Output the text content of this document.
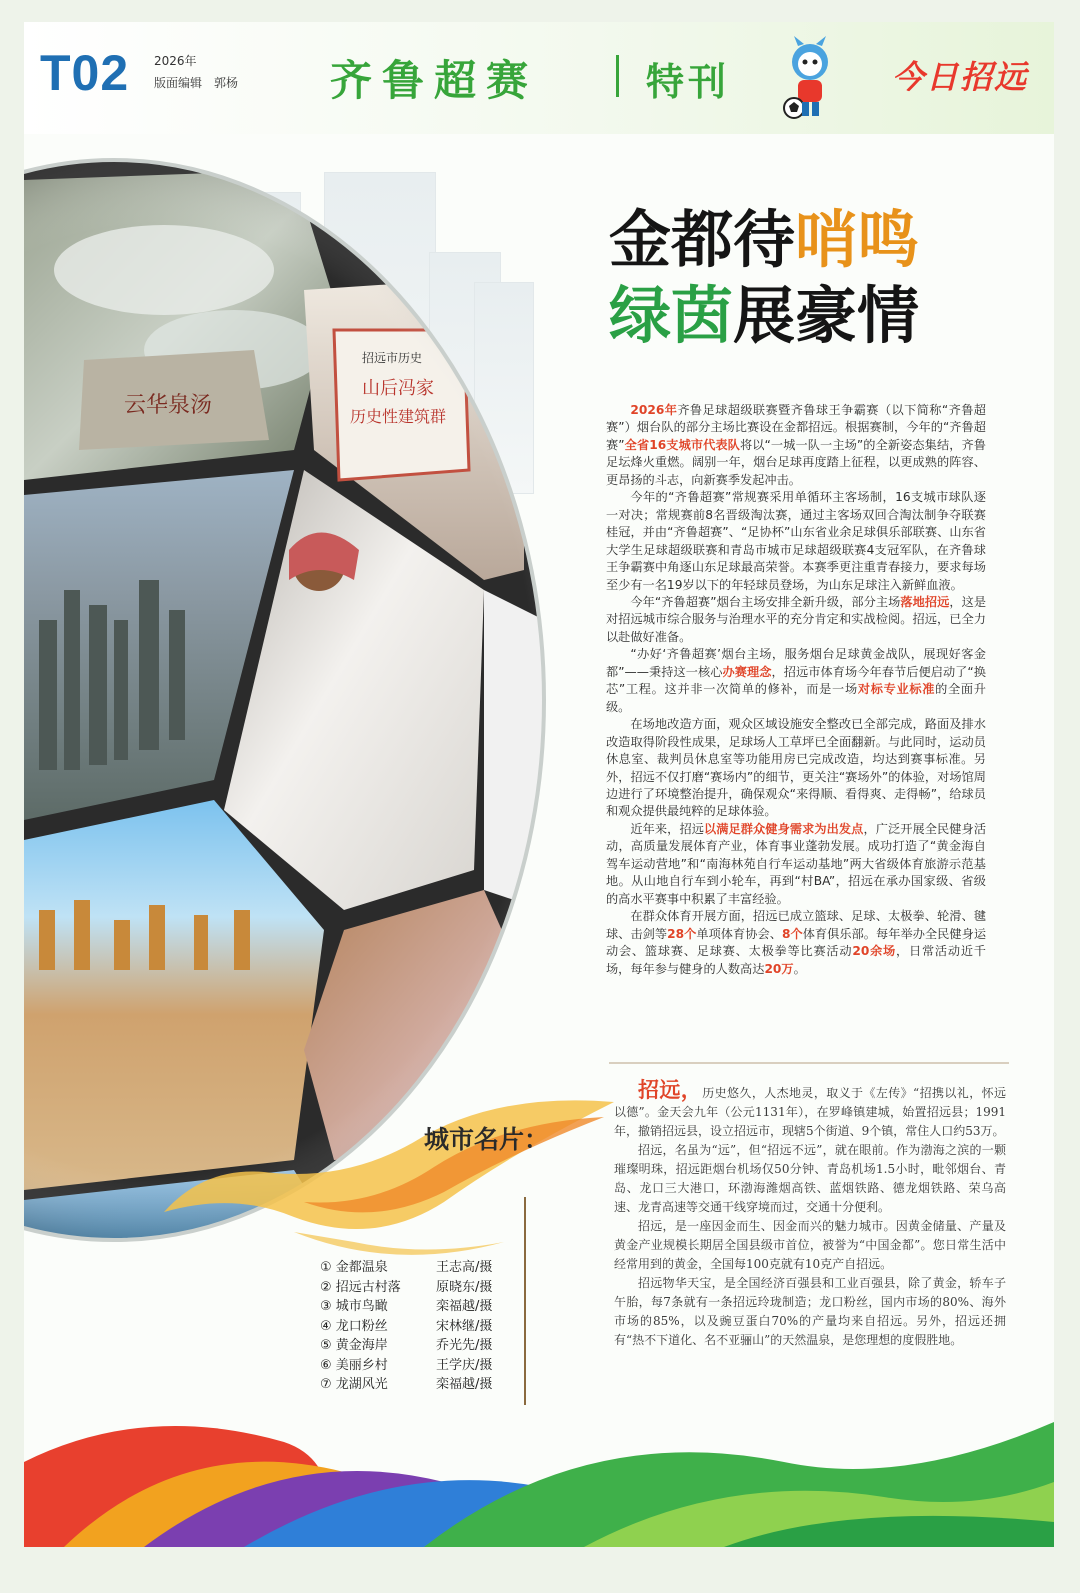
T02 2026年
版面编辑　郭杨 齐鲁超赛	特刊	今日招远
金都待哨鸣
绿茵展豪情

2026年齐鲁足球超级联赛暨齐鲁球王争霸赛（以下简称“齐鲁超赛”）烟台队的部分主场比赛设在金都招远。根据赛制，今年的“齐鲁超赛”全省16支城市代表队将以“一城一队一主场”的全新姿态集结，齐鲁足坛烽火重燃。阔别一年，烟台足球再度踏上征程，以更成熟的阵容、更昂扬的斗志，向新赛季发起冲击。

今年的“齐鲁超赛”常规赛采用单循环主客场制，16支城市球队逐一对决；常规赛前8名晋级淘汰赛，通过主客场双回合淘汰制争夺联赛桂冠，并由“齐鲁超赛”、“足协杯”山东省业余足球俱乐部联赛、山东省大学生足球超级联赛和青岛市城市足球超级联赛4支冠军队，在齐鲁球王争霸赛中角逐山东足球最高荣誉。本赛季更注重青春接力，要求每场至少有一名19岁以下的年轻球员登场，为山东足球注入新鲜血液。

今年“齐鲁超赛”烟台主场安排全新升级，部分主场落地招远，这是对招远城市综合服务与治理水平的充分肯定和实战检阅。招远，已全力以赴做好准备。

“办好‘齐鲁超赛’烟台主场，服务烟台足球黄金战队，展现好客金都”——秉持这一核心办赛理念，招远市体育场今年春节后便启动了“换芯”工程。这并非一次简单的修补，而是一场对标专业标准的全面升级。

在场地改造方面，观众区域设施安全整改已全部完成，路面及排水改造取得阶段性成果，足球场人工草坪已全面翻新。与此同时，运动员休息室、裁判员休息室等功能用房已完成改造，均达到赛事标准。另外，招远不仅打磨“赛场内”的细节，更关注“赛场外”的体验，对场馆周边进行了环境整治提升，确保观众“来得顺、看得爽、走得畅”，给球员和观众提供最纯粹的足球体验。

近年来，招远以满足群众健身需求为出发点，广泛开展全民健身活动，高质量发展体育产业，体育事业蓬勃发展。成功打造了“黄金海自驾车运动营地”和“南海林苑自行车运动基地”两大省级体育旅游示范基地。从山地自行车到小轮车，再到“村BA”，招远在承办国家级、省级的高水平赛事中积累了丰富经验。

在群众体育开展方面，招远已成立篮球、足球、太极拳、轮滑、毽球、击剑等28个单项体育协会、8个体育俱乐部。每年举办全民健身运动会、篮球赛、足球赛、太极拳等比赛活动20余场，日常活动近千场，每年参与健身的人数高达20万。

城市名片：

招远，历史悠久，人杰地灵，取义于《左传》“招携以礼，怀远以德”。金天会九年（公元1131年），在罗峰镇建城，始置招远县；1991年，撤销招远县，设立招远市，现辖5个街道、9个镇，常住人口约53万。

招远，名虽为“远”，但“招远不远”，就在眼前。作为渤海之滨的一颗璀璨明珠，招远距烟台机场仅50分钟、青岛机场1.5小时，毗邻烟台、青岛、龙口三大港口，环渤海潍烟高铁、蓝烟铁路、德龙烟铁路、荣乌高速、龙青高速等交通干线穿境而过，交通十分便利。

招远，是一座因金而生、因金而兴的魅力城市。因黄金储量、产量及黄金产业规模长期居全国县级市首位，被誉为“中国金都”。您日常生活中经常用到的黄金，全国每100克就有10克产自招远。

招远物华天宝，是全国经济百强县和工业百强县，除了黄金，轿车子午胎，每7条就有一条招远玲珑制造；龙口粉丝，国内市场的80%、海外市场的85%，以及豌豆蛋白70%的产量均来自招远。另外，招远还拥有“热不下道化、名不亚骊山”的天然温泉，是您理想的度假胜地。

① 金都温泉	王志高/摄
② 招远古村落	原晓东/摄
③ 城市鸟瞰	栾福越/摄
④ 龙口粉丝	宋林继/摄
⑤ 黄金海岸	乔光先/摄
⑥ 美丽乡村	王学庆/摄
⑦ 龙湖风光	栾福越/摄
